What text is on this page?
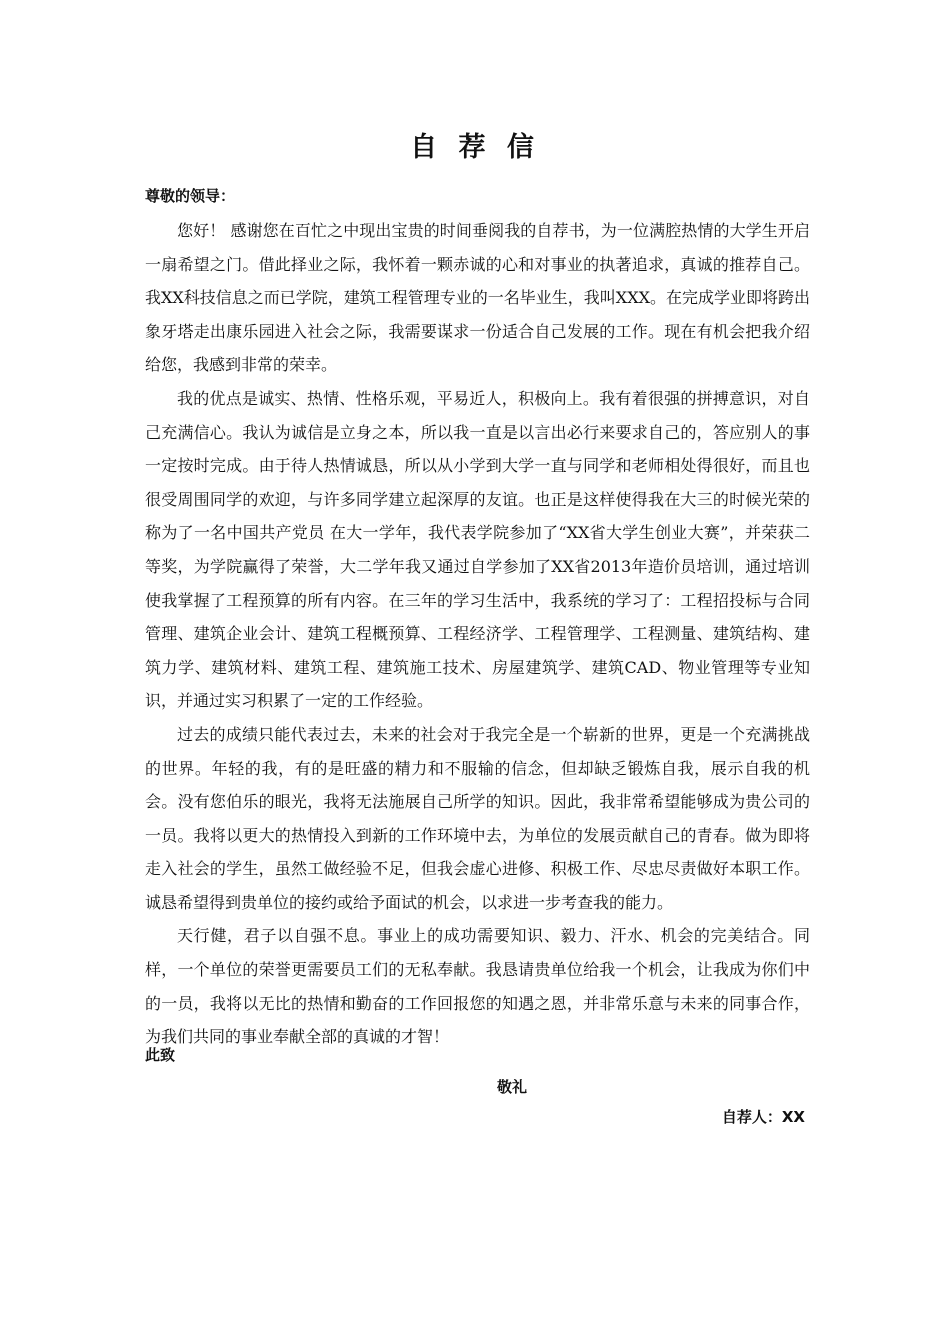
自 荐 信
尊敬的领导：

您好！ 感谢您在百忙之中现出宝贵的时间垂阅我的自荐书，为一位满腔热情的大学生开启一扇希望之门。借此择业之际，我怀着一颗赤诚的心和对事业的执著追求，真诚的推荐自己。 我XX科技信息之而已学院，建筑工程管理专业的一名毕业生，我叫XXX。在完成学业即将跨出象牙塔走出康乐园进入社会之际，我需要谋求一份适合自己发展的工作。现在有机会把我介绍给您，我感到非常的荣幸。

我的优点是诚实、热情、性格乐观，平易近人，积极向上。我有着很强的拼搏意识，对自己充满信心。我认为诚信是立身之本，所以我一直是以言出必行来要求自己的，答应别人的事一定按时完成。由于待人热情诚恳，所以从小学到大学一直与同学和老师相处得很好，而且也很受周围同学的欢迎，与许多同学建立起深厚的友谊。也正是这样使得我在大三的时候光荣的称为了一名中国共产党员 在大一学年，我代表学院参加了“XX省大学生创业大赛”，并荣获二等奖，为学院赢得了荣誉，大二学年我又通过自学参加了XX省2013年造价员培训，通过培训使我掌握了工程预算的所有内容。在三年的学习生活中，我系统的学习了：工程招投标与合同管理、建筑企业会计、建筑工程概预算、工程经济学、工程管理学、工程测量、建筑结构、建筑力学、建筑材料、建筑工程、建筑施工技术、房屋建筑学、建筑CAD、物业管理等专业知识，并通过实习积累了一定的工作经验。

过去的成绩只能代表过去，未来的社会对于我完全是一个崭新的世界，更是一个充满挑战的世界。年轻的我，有的是旺盛的精力和不服输的信念，但却缺乏锻炼自我，展示自我的机会。没有您伯乐的眼光，我将无法施展自己所学的知识。因此，我非常希望能够成为贵公司的一员。我将以更大的热情投入到新的工作环境中去，为单位的发展贡献自己的青春。做为即将走入社会的学生，虽然工做经验不足，但我会虚心进修、积极工作、尽忠尽责做好本职工作。诚恳希望得到贵单位的接约或给予面试的机会，以求进一步考查我的能力。

天行健，君子以自强不息。事业上的成功需要知识、毅力、汗水、机会的完美结合。同样，一个单位的荣誉更需要员工们的无私奉献。我恳请贵单位给我一个机会，让我成为你们中的一员，我将以无比的热情和勤奋的工作回报您的知遇之恩，并非常乐意与未来的同事合作，为我们共同的事业奉献全部的真诚的才智！

此致
敬礼
自荐人：XX
